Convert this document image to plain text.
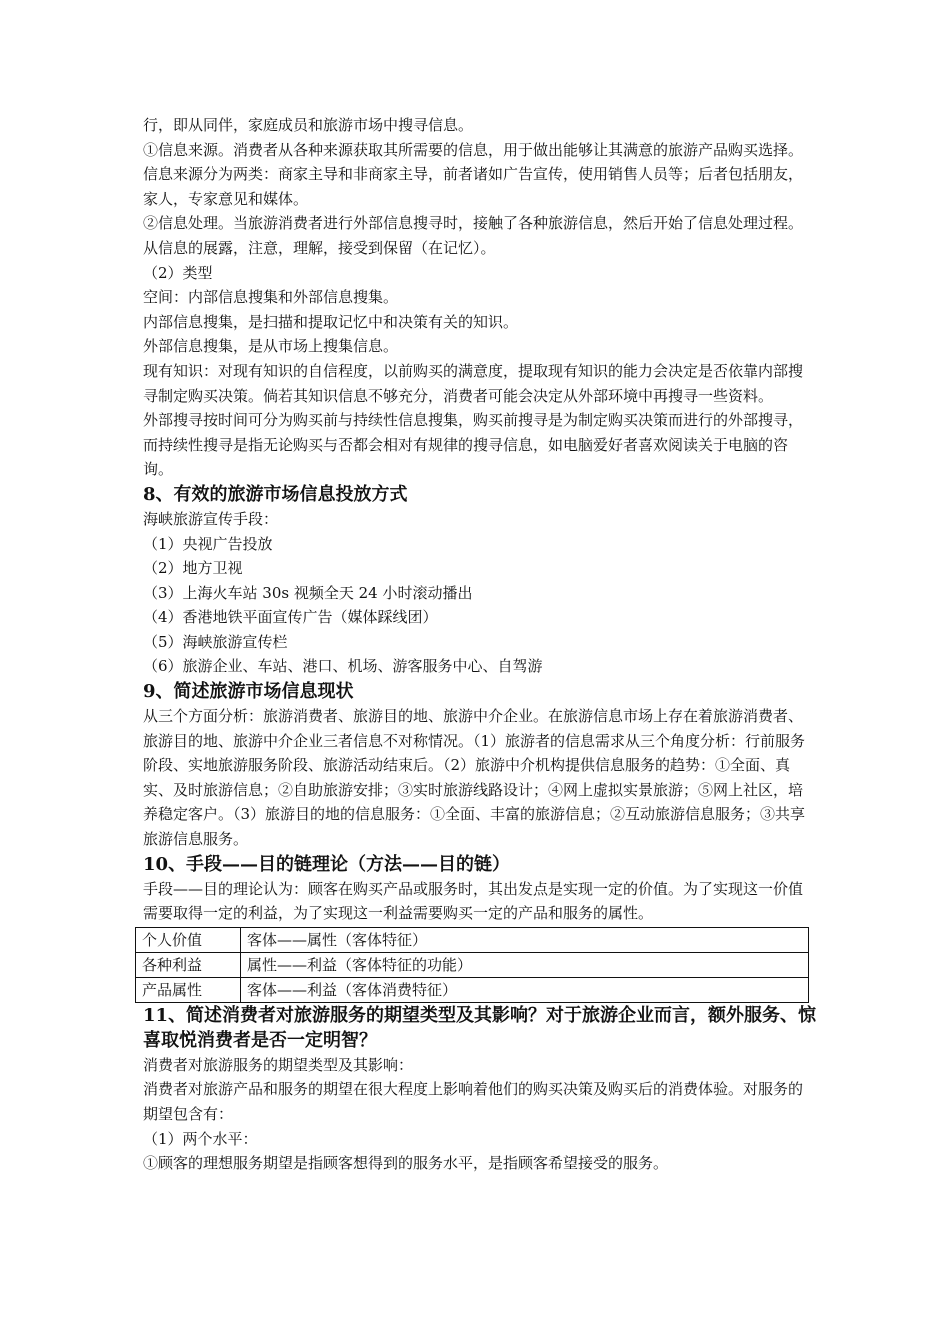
行，即从同伴，家庭成员和旅游市场中搜寻信息。

①信息来源。消费者从各种来源获取其所需要的信息，用于做出能够让其满意的旅游产品购买选择。信息来源分为两类：商家主导和非商家主导，前者诸如广告宣传，使用销售人员等；后者包括朋友，家人，专家意见和媒体。

②信息处理。当旅游消费者进行外部信息搜寻时，接触了各种旅游信息，然后开始了信息处理过程。从信息的展露，注意，理解，接受到保留（在记忆）。

（2）类型

空间：内部信息搜集和外部信息搜集。

内部信息搜集，是扫描和提取记忆中和决策有关的知识。

外部信息搜集，是从市场上搜集信息。

现有知识：对现有知识的自信程度，以前购买的满意度，提取现有知识的能力会决定是否依靠内部搜寻制定购买决策。倘若其知识信息不够充分，消费者可能会决定从外部环境中再搜寻一些资料。

外部搜寻按时间可分为购买前与持续性信息搜集，购买前搜寻是为制定购买决策而进行的外部搜寻，而持续性搜寻是指无论购买与否都会相对有规律的搜寻信息，如电脑爱好者喜欢阅读关于电脑的咨询。

8、有效的旅游市场信息投放方式

海峡旅游宣传手段：

（1）央视广告投放

（2）地方卫视

（3）上海火车站 30s 视频全天 24 小时滚动播出

（4）香港地铁平面宣传广告（媒体踩线团）

（5）海峡旅游宣传栏

（6）旅游企业、车站、港口、机场、游客服务中心、自驾游

9、简述旅游市场信息现状

从三个方面分析：旅游消费者、旅游目的地、旅游中介企业。在旅游信息市场上存在着旅游消费者、旅游目的地、旅游中介企业三者信息不对称情况。（1）旅游者的信息需求从三个角度分析：行前服务阶段、实地旅游服务阶段、旅游活动结束后。（2）旅游中介机构提供信息服务的趋势：①全面、真实、及时旅游信息；②自助旅游安排；③实时旅游线路设计；④网上虚拟实景旅游；⑤网上社区，培养稳定客户。（3）旅游目的地的信息服务：①全面、丰富的旅游信息；②互动旅游信息服务；③共享旅游信息服务。

10、手段——目的链理论（方法——目的链）

手段——目的理论认为：顾客在购买产品或服务时，其出发点是实现一定的价值。为了实现这一价值需要取得一定的利益，为了实现这一利益需要购买一定的产品和服务的属性。

个人价值	客体——属性（客体特征）
各种利益	属性——利益（客体特征的功能）
产品属性	客体——利益（客体消费特征）
11、简述消费者对旅游服务的期望类型及其影响？对于旅游企业而言，额外服务、惊喜取悦消费者是否一定明智？

消费者对旅游服务的期望类型及其影响：

消费者对旅游产品和服务的期望在很大程度上影响着他们的购买决策及购买后的消费体验。对服务的期望包含有：

（1）两个水平：

①顾客的理想服务期望是指顾客想得到的服务水平，是指顾客希望接受的服务。
